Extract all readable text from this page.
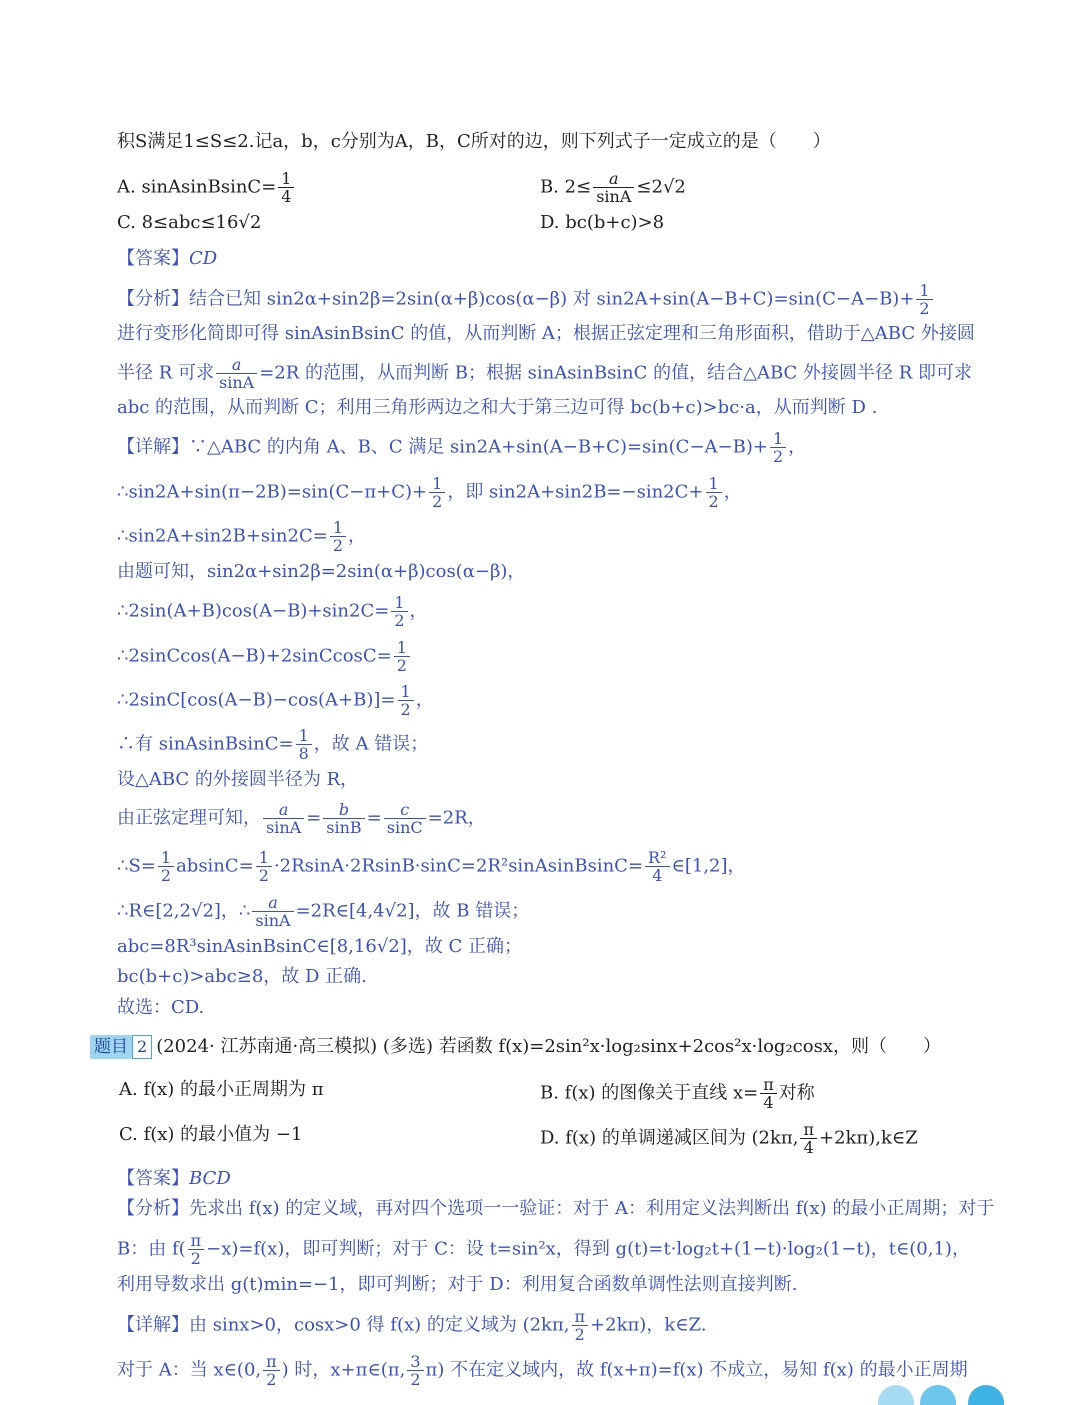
积S满足1≤S≤2.记a，b，c分别为A，B，C所对的边，则下列式子一定成立的是（　　）
A. sinAsinBsinC= $\frac{1}{4}$	B. $2\le \frac{a}{\sin A} \le 2√2$
C. 8≤abc≤16√2	D. bc(b+c)>8
【答案】CD
【分析】结合已知 sin2α+sin2β=2sin(α+β)cos(α−β) 对 $\sin 2A+\sin(A-B+C)=\sin(C-A-B)+ \frac{1}{2}$
进行变形化简即可得 sinAsinBsinC 的值，从而判断 A；根据正弦定理和三角形面积，借助于△ABC 外接圆
半径 R 可求 $\frac{a}{\sin A} =2R$ 的范围，从而判断 B；根据 sinAsinBsinC 的值，结合△ABC 外接圆半径 R 即可求
abc 的范围，从而判断 C；利用三角形两边之和大于第三边可得 bc(b+c)>bc·a，从而判断 D .
【详解】∵△ABC 的内角 A、B、C 满足 $\sin 2A+\sin(A-B+C)=\sin(C-A-B)+ \frac{1}{2}$ ，
∴sin2A+sin(π−2B)=sin(C−π+C)+ $\frac{1}{2}$ ，即 $\sin 2A+\sin 2B=-\sin 2C+ \frac{1}{2}$ ，
∴sin2A+sin2B+sin2C= $\frac{1}{2}$ ，
由题可知，sin2α+sin2β=2sin(α+β)cos(α−β)，
∴2sin(A+B)cos(A−B)+sin2C= $\frac{1}{2}$ ，
∴2sinCcos(A−B)+2sinCcosC= $\frac{1}{2}$
∴2sinC[cos(A−B)−cos(A+B)]= $\frac{1}{2}$ ，
∴有 sinAsinBsinC= $\frac{1}{8}$ ，故 A 错误；
设△ABC 的外接圆半径为 R，
由正弦定理可知， $\frac{a}{\sin A} = \frac{b}{\sin B} = \frac{c}{\sin C} =2R$，
∴S= $\frac{1}{2} absinC= \frac{1}{2}$ ·2RsinA·2RsinB·sinC=2R²sinAsinBsinC= $\frac{\text{R²}}{4}$ ∈[1,2]，
∴R∈[2,2√2]，∴ $\frac{a}{\sin A}$ =2R∈[4,4√2]，故 B 错误；
abc=8R³sinAsinBsinC∈[8,16√2]，故 C 正确；
bc(b+c)>abc≥8，故 D 正确.
故选：CD.
题目 2 (2024· 江苏南通·高三模拟) (多选) 若函数 f(x)=2sin²x·log₂sinx+2cos²x·log₂cosx，则（　　）
A. f(x) 的最小正周期为 π	B. f(x) 的图像关于直线 $x= \frac{\pi}{4}$ 对称
C. f(x) 的最小值为 −1	D. f(x) 的单调递减区间为 (2kπ, $\frac{\pi}{4}$ +2kπ),k∈Z
【答案】BCD
【分析】先求出 f(x) 的定义域，再对四个选项一一验证：对于 A：利用定义法判断出 f(x) 的最小正周期；对于
B：由 $f( \frac{\pi}{2} -x)=f(x)$，即可判断；对于 C：设 t=sin²x，得到 g(t)=t·log₂t+(1−t)·log₂(1−t)，t∈(0,1)，
利用导数求出 g(t)min=−1，即可判断；对于 D：利用复合函数单调性法则直接判断.
【详解】由 sinx>0，cosx>0 得 f(x) 的定义域为 (2kπ, $\frac{\pi}{2} +2k\pi$)，k∈Z.
对于 A：当 x∈(0, $\frac{\pi}{2}$ ) 时，x+π∈(π, $\frac{3}{2} \pi$) 不在定义域内，故 f(x+π)=f(x) 不成立，易知 f(x) 的最小正周期
